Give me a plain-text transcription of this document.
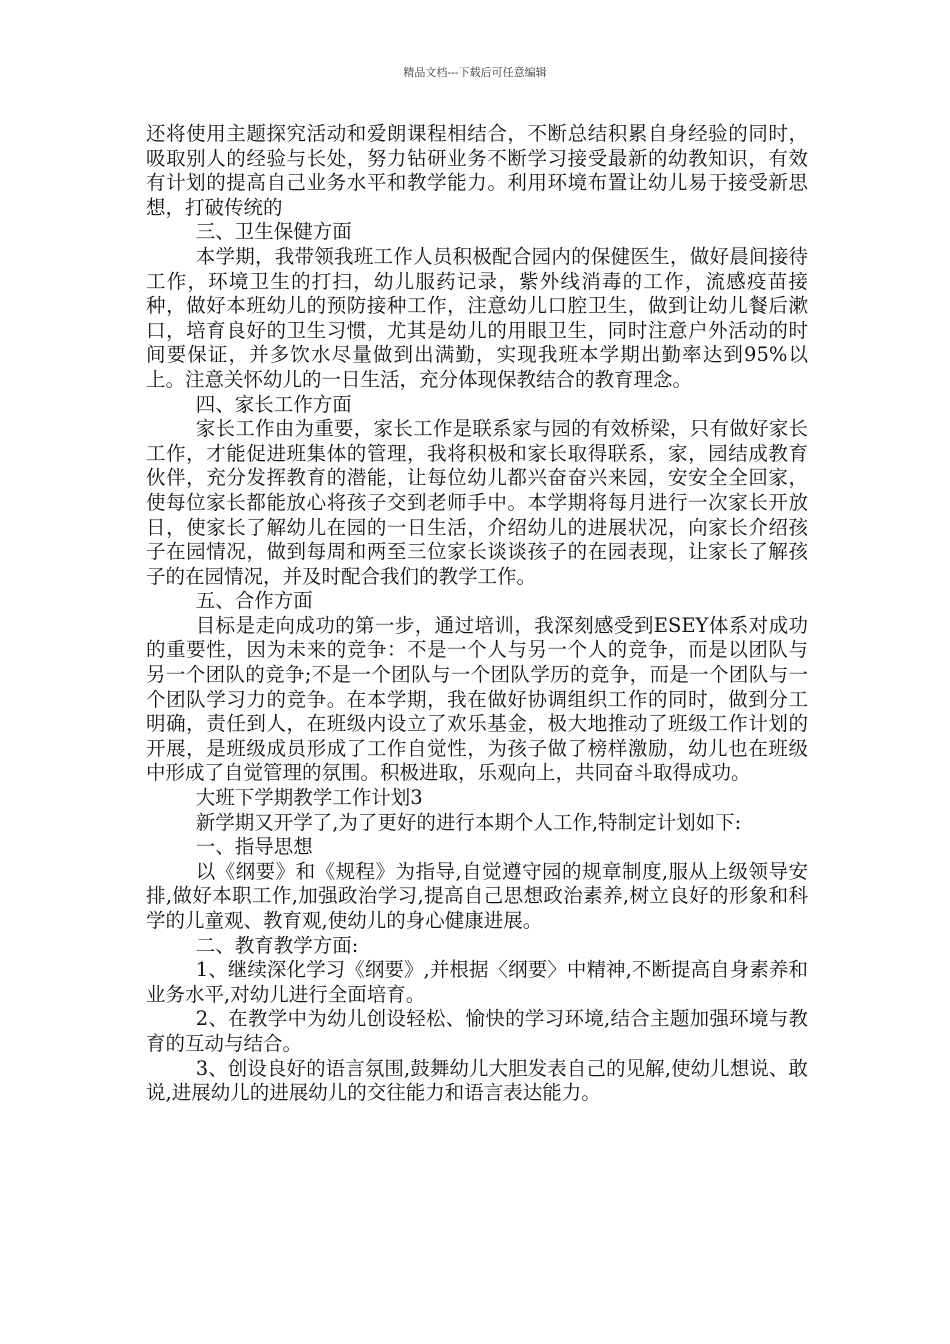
精品文档---下载后可任意编辑

还将使用主题探究活动和爱朗课程相结合，不断总结积累自身经验的同时，吸取别人的经验与长处，努力钻研业务不断学习接受最新的幼教知识，有效有计划的提高自己业务水平和教学能力。利用环境布置让幼儿易于接受新思想，打破传统的

三、卫生保健方面

本学期，我带领我班工作人员积极配合园内的保健医生，做好晨间接待工作，环境卫生的打扫，幼儿服药记录，紫外线消毒的工作，流感疫苗接种，做好本班幼儿的预防接种工作，注意幼儿口腔卫生，做到让幼儿餐后漱口，培育良好的卫生习惯，尤其是幼儿的用眼卫生，同时注意户外活动的时间要保证，并多饮水尽量做到出满勤，实现我班本学期出勤率达到95%以上。注意关怀幼儿的一日生活，充分体现保教结合的教育理念。

四、家长工作方面

家长工作由为重要，家长工作是联系家与园的有效桥梁，只有做好家长工作，才能促进班集体的管理，我将积极和家长取得联系，家，园结成教育伙伴，充分发挥教育的潜能，让每位幼儿都兴奋奋兴来园，安安全全回家，使每位家长都能放心将孩子交到老师手中。本学期将每月进行一次家长开放日，使家长了解幼儿在园的一日生活，介绍幼儿的进展状况，向家长介绍孩子在园情况，做到每周和两至三位家长谈谈孩子的在园表现，让家长了解孩子的在园情况，并及时配合我们的教学工作。

五、合作方面

目标是走向成功的第一步，通过培训，我深刻感受到ESEY体系对成功的重要性，因为未来的竞争：不是一个人与另一个人的竞争，而是以团队与另一个团队的竞争;不是一个团队与一个团队学历的竞争，而是一个团队与一个团队学习力的竞争。在本学期，我在做好协调组织工作的同时，做到分工明确，责任到人，在班级内设立了欢乐基金，极大地推动了班级工作计划的开展，是班级成员形成了工作自觉性，为孩子做了榜样激励，幼儿也在班级中形成了自觉管理的氛围。积极进取，乐观向上，共同奋斗取得成功。

大班下学期教学工作计划3

新学期又开学了,为了更好的进行本期个人工作,特制定计划如下:

一、指导思想

以《纲要》和《规程》为指导,自觉遵守园的规章制度,服从上级领导安排,做好本职工作,加强政治学习,提高自己思想政治素养,树立良好的形象和科学的儿童观、教育观,使幼儿的身心健康进展。

二、教育教学方面:

1、继续深化学习《纲要》,并根据〈纲要〉中精神,不断提高自身素养和业务水平,对幼儿进行全面培育。

2、在教学中为幼儿创设轻松、愉快的学习环境,结合主题加强环境与教育的互动与结合。

3、创设良好的语言氛围,鼓舞幼儿大胆发表自己的见解,使幼儿想说、敢说,进展幼儿的进展幼儿的交往能力和语言表达能力。
